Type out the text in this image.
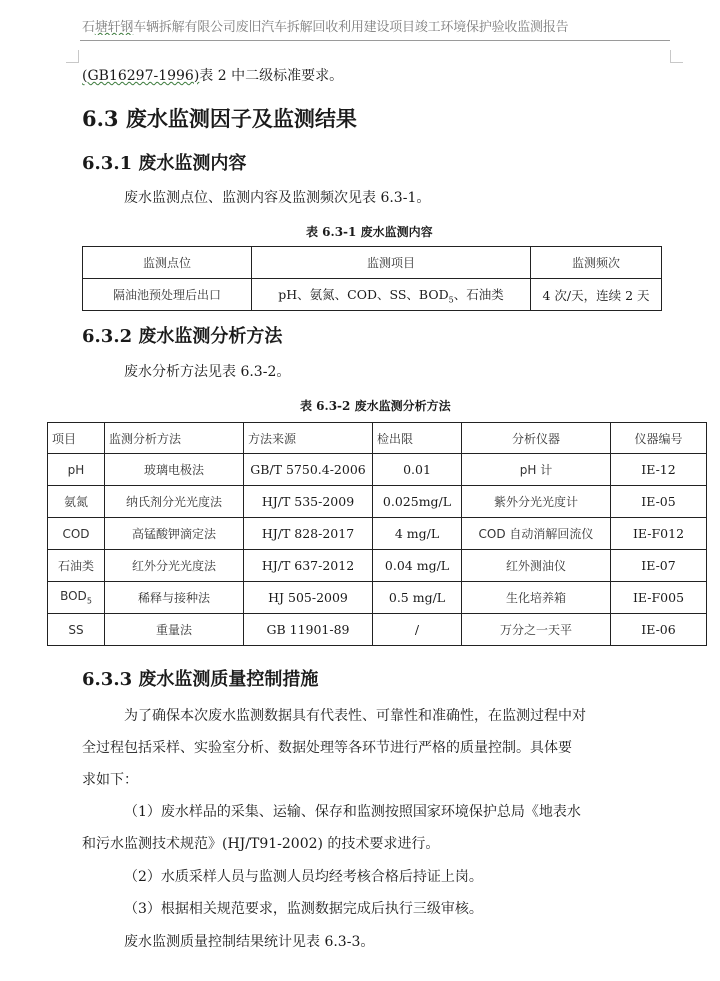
石塘轩钢车辆拆解有限公司废旧汽车拆解回收利用建设项目竣工环境保护验收监测报告
(GB16297-1996)表 2 中二级标准要求。
6.3 废水监测因子及监测结果
6.3.1 废水监测内容
废水监测点位、监测内容及监测频次见表 6.3-1。
表 6.3-1 废水监测内容
监测点位	监测项目	监测频次
隔油池预处理后出口	pH、氨氮、COD、SS、$BOD_5$、石油类	4 次/天，连续 2 天
6.3.2 废水监测分析方法
废水分析方法见表 6.3-2。
表 6.3-2 废水监测分析方法
项目	监测分析方法	方法来源	检出限	分析仪器	仪器编号
pH	玻璃电极法	GB/T 5750.4-2006	0.01	pH 计	IE-12
氨氮	纳氏剂分光光度法	HJ/T 535-2009	0.025mg/L	紫外分光光度计	IE-05
COD	高锰酸钾滴定法	HJ/T 828-2017	4 mg/L	COD 自动消解回流仪	IE-F012
石油类	红外分光光度法	HJ/T 637-2012	0.04 mg/L	红外测油仪	IE-07
$BOD_5$	稀释与接种法	HJ 505-2009	0.5 mg/L	生化培养箱	IE-F005
SS	重量法	GB 11901-89	/	万分之一天平	IE-06
6.3.3 废水监测质量控制措施
为了确保本次废水监测数据具有代表性、可靠性和准确性，在监测过程中对
全过程包括采样、实验室分析、数据处理等各环节进行严格的质量控制。具体要
求如下：
（1）废水样品的采集、运输、保存和监测按照国家环境保护总局《地表水
和污水监测技术规范》(HJ/T91-2002) 的技术要求进行。
（2）水质采样人员与监测人员均经考核合格后持证上岗。
（3）根据相关规范要求，监测数据完成后执行三级审核。
废水监测质量控制结果统计见表 6.3-3。
